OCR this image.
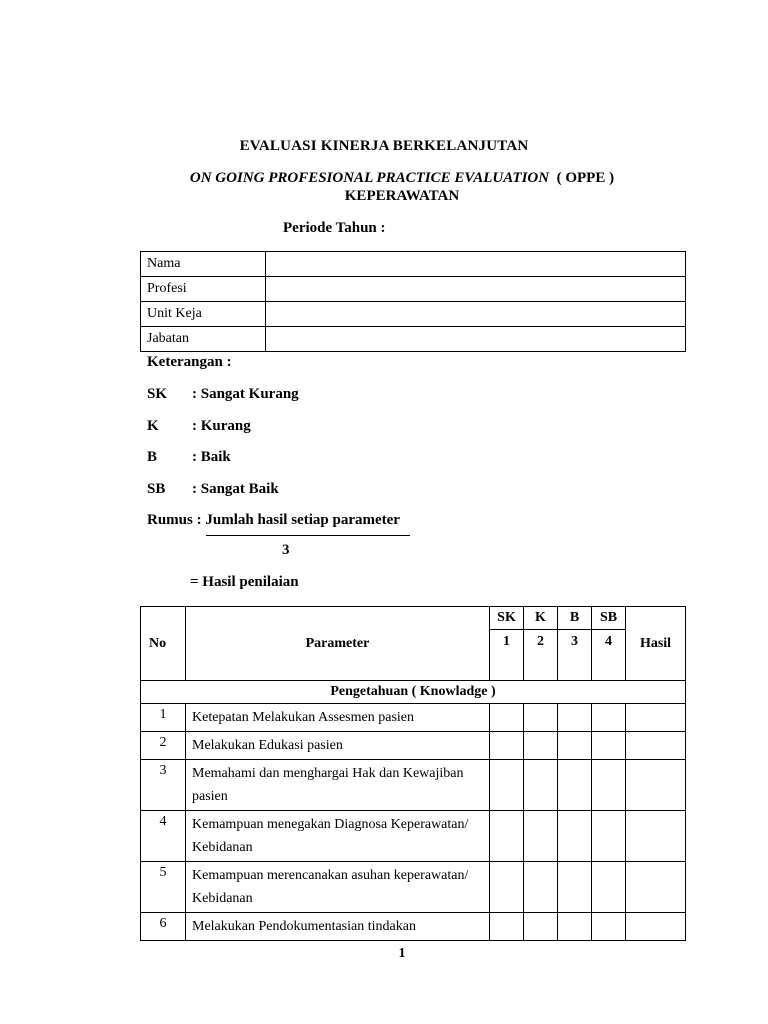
EVALUASI KINERJA BERKELANJUTAN
ON GOING PROFESIONAL PRACTICE EVALUATION ( OPPE )
KEPERAWATAN
Periode Tahun :
Nama	
Profesi	
Unit Keja	
Jabatan	
Keterangan :
SK	: Sangat Kurang
K	: Kurang
B	: Baik
SB	: Sangat Baik
Rumus : Jumlah hasil setiap parameter
3
= Hasil penilaian
No	Parameter	SK	K	B	SB	Hasil
		1	2	3	4	
Pengetahuan ( Knowladge )						
1	Ketepatan Melakukan Assesmen pasien					
2	Melakukan Edukasi pasien					
3	Memahami dan menghargai Hak dan Kewajiban pasien					
4	Kemampuan menegakan Diagnosa Keperawatan/ Kebidanan					
5	Kemampuan merencanakan asuhan keperawatan/ Kebidanan					
6	Melakukan Pendokumentasian tindakan					
1
